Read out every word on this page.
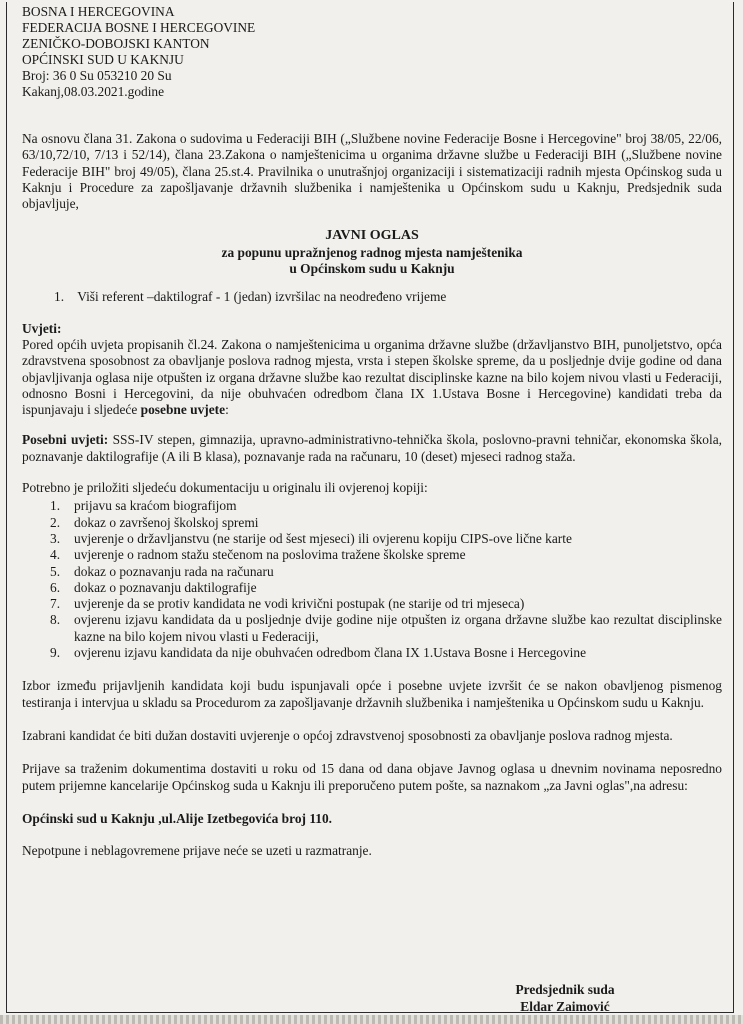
BOSNA I HERCEGOVINA
FEDERACIJA BOSNE I HERCEGOVINE
ZENIČKO-DOBOJSKI KANTON
OPĆINSKI SUD U KAKNJU
Broj: 36 0 Su 053210 20 Su
Kakanj,08.03.2021.godine

Na osnovu člana 31. Zakona o sudovima u Federaciji BIH („Službene novine Federacije Bosne i Hercegovine" broj 38/05, 22/06, 63/10,72/10, 7/13 i 52/14), člana 23.Zakona o namještenicima u organima državne službe u Federaciji BIH („Službene novine Federacije BIH" broj 49/05), člana 25.st.4. Pravilnika o unutrašnjoj organizaciji i sistematizaciji radnih mjesta Općinskog suda u Kaknju i Procedure za zapošljavanje državnih službenika i namještenika u Općinskom sudu u Kaknju, Predsjednik suda objavljuje,

JAVNI OGLAS
za popunu upražnjenog radnog mjesta namještenika
u Općinskom sudu u Kaknju
1. Viši referent –daktilograf - 1 (jedan) izvršilac na neodređeno vrijeme
Uvjeti:

Pored općih uvjeta propisanih čl.24. Zakona o namještenicima u organima državne službe (državljanstvo BIH, punoljetstvo, opća zdravstvena sposobnost za obavljanje poslova radnog mjesta, vrsta i stepen školske spreme, da u posljednje dvije godine od dana objavljivanja oglasa nije otpušten iz organa državne službe kao rezultat disciplinske kazne na bilo kojem nivou vlasti u Federaciji, odnosno Bosni i Hercegovini, da nije obuhvaćen odredbom člana IX 1.Ustava Bosne i Hercegovine) kandidati treba da ispunjavaju i sljedeće posebne uvjete:

Posebni uvjeti: SSS-IV stepen, gimnazija, upravno-administrativno-tehnička škola, poslovno-pravni tehničar, ekonomska škola, poznavanje daktilografije (A ili B klasa), poznavanje rada na računaru, 10 (deset) mjeseci radnog staža.

Potrebno je priložiti sljedeću dokumentaciju u originalu ili ovjerenoj kopiji:

1. prijavu sa kraćom biografijom
2. dokaz o završenoj školskoj spremi
3. uvjerenje o državljanstvu (ne starije od šest mjeseci) ili ovjerenu kopiju CIPS-ove lične karte
4. uvjerenje o radnom stažu stečenom na poslovima tražene školske spreme
5. dokaz o poznavanju rada na računaru
6. dokaz o poznavanju daktilografije
7. uvjerenje da se protiv kandidata ne vodi krivični postupak (ne starije od tri mjeseca)
8. ovjerenu izjavu kandidata da u posljednje dvije godine nije otpušten iz organa državne službe kao rezultat disciplinske kazne na bilo kojem nivou vlasti u Federaciji,
9. ovjerenu izjavu kandidata da nije obuhvaćen odredbom člana IX 1.Ustava Bosne i Hercegovine

Izbor između prijavljenih kandidata koji budu ispunjavali opće i posebne uvjete izvršit će se nakon obavljenog pismenog testiranja i intervjua u skladu sa Procedurom za zapošljavanje državnih službenika i namještenika u Općinskom sudu u Kaknju.

Izabrani kandidat će biti dužan dostaviti uvjerenje o općoj zdravstvenoj sposobnosti za obavljanje poslova radnog mjesta.

Prijave sa traženim dokumentima dostaviti u roku od 15 dana od dana objave Javnog oglasa u dnevnim novinama neposredno putem prijemne kancelarije Općinskog suda u Kaknju ili preporučeno putem pošte, sa naznakom „za Javni oglas",na adresu:

Općinski sud u Kaknju ,ul.Alije Izetbegovića broj 110.

Nepotpune i neblagovremene prijave neće se uzeti u razmatranje.

Predsjednik suda
Eldar Zaimović
